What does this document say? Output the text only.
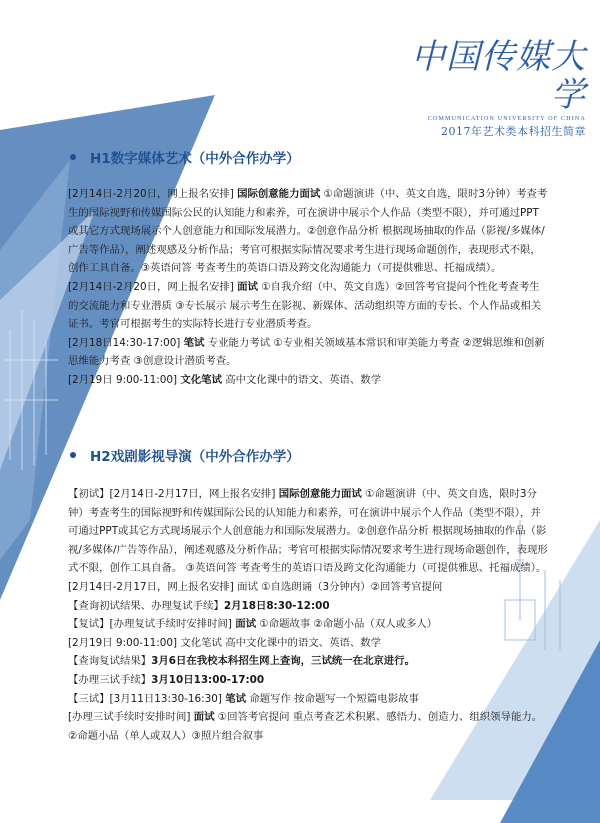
中国传媒大学
COMMUNICATION UNIVERSITY OF CHINA
2017年艺术类本科招生简章
H1数字媒体艺术（中外合作办学）

[2月14日-2月20日，网上报名安排] 国际创意能力面试 ①命题演讲（中、英文自选，限时3分钟）考查考生的国际视野和传媒国际公民的认知能力和素养，可在演讲中展示个人作品（类型不限），并可通过PPT或其它方式现场展示个人创意能力和国际发展潜力。②创意作品分析 根据现场抽取的作品（影视/多媒体/广告等作品），阐述观感及分析作品；考官可根据实际情况要求考生进行现场命题创作，表现形式不限，创作工具自备。③英语问答 考查考生的英语口语及跨文化沟通能力（可提供雅思、托福成绩）。

[2月14日-2月20日，网上报名安排] 面试 ①自我介绍（中、英文自选）②回答考官提问个性化考查考生的交流能力和专业潜质 ③专长展示 展示考生在影视、新媒体、活动组织等方面的专长、个人作品或相关证书。考官可根据考生的实际特长进行专业潜质考查。

[2月18日14:30-17:00] 笔试 专业能力考试 ①专业相关领域基本常识和审美能力考查 ②逻辑思维和创新思维能力考查 ③创意设计潜质考查。

[2月19日 9:00-11:00] 文化笔试 高中文化课中的语文、英语、数学

H2戏剧影视导演（中外合作办学）

【初试】[2月14日-2月17日，网上报名安排] 国际创意能力面试 ①命题演讲（中、英文自选，限时3分钟）考查考生的国际视野和传媒国际公民的认知能力和素养，可在演讲中展示个人作品（类型不限），并可通过PPT或其它方式现场展示个人创意能力和国际发展潜力。②创意作品分析 根据现场抽取的作品（影视/多媒体/广告等作品），阐述观感及分析作品；考官可根据实际情况要求考生进行现场命题创作，表现形式不限，创作工具自备。 ③英语问答 考查考生的英语口语及跨文化沟通能力（可提供雅思、托福成绩）。

[2月14日-2月17日，网上报名安排] 面试 ①自选朗诵（3分钟内）②回答考官提问

【查询初试结果、办理复试手续】2月18日8:30-12:00

【复试】[办理复试手续时安排时间] 面试 ①命题故事 ②命题小品（双人或多人）

[2月19日 9:00-11:00] 文化笔试 高中文化课中的语文、英语、数学

【查询复试结果】3月6日在我校本科招生网上查询，三试统一在北京进行。

【办理三试手续】3月10日13:00-17:00

【三试】[3月11日13:30-16:30] 笔试 命题写作 按命题写一个短篇电影故事

[办理三试手续时安排时间] 面试 ①回答考官提问 重点考查艺术积累、感悟力、创造力、组织领导能力。 ②命题小品（单人或双人）③照片组合叙事
